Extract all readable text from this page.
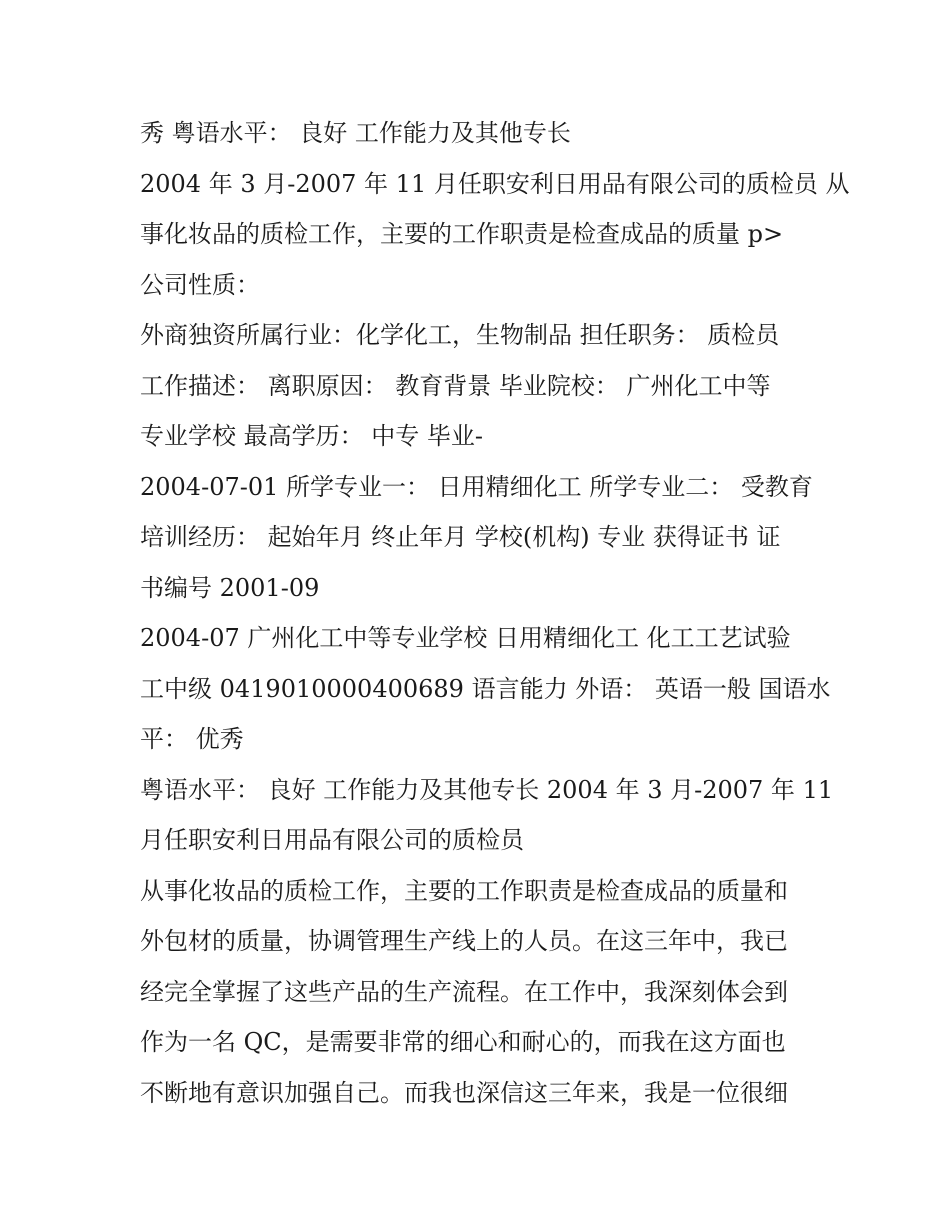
秀 粤语水平： 良好 工作能力及其他专长
2004 年 3 月-2007 年 11 月任职安利日用品有限公司的质检员 从
事化妆品的质检工作，主要的工作职责是检查成品的质量 p>
公司性质：
外商独资所属行业：化学化工，生物制品 担任职务： 质检员
工作描述： 离职原因： 教育背景 毕业院校： 广州化工中等
专业学校 最高学历： 中专 毕业-
2004-07-01 所学专业一： 日用精细化工 所学专业二： 受教育
培训经历： 起始年月 终止年月 学校(机构) 专业 获得证书 证
书编号 2001-09
2004-07 广州化工中等专业学校 日用精细化工 化工工艺试验
工中级 0419010000400689 语言能力 外语： 英语一般 国语水
平： 优秀
粤语水平： 良好 工作能力及其他专长 2004 年 3 月-2007 年 11
月任职安利日用品有限公司的质检员
从事化妆品的质检工作，主要的工作职责是检查成品的质量和
外包材的质量，协调管理生产线上的人员。在这三年中，我已
经完全掌握了这些产品的生产流程。在工作中，我深刻体会到
作为一名 QC，是需要非常的细心和耐心的，而我在这方面也
不断地有意识加强自己。而我也深信这三年来，我是一位很细
